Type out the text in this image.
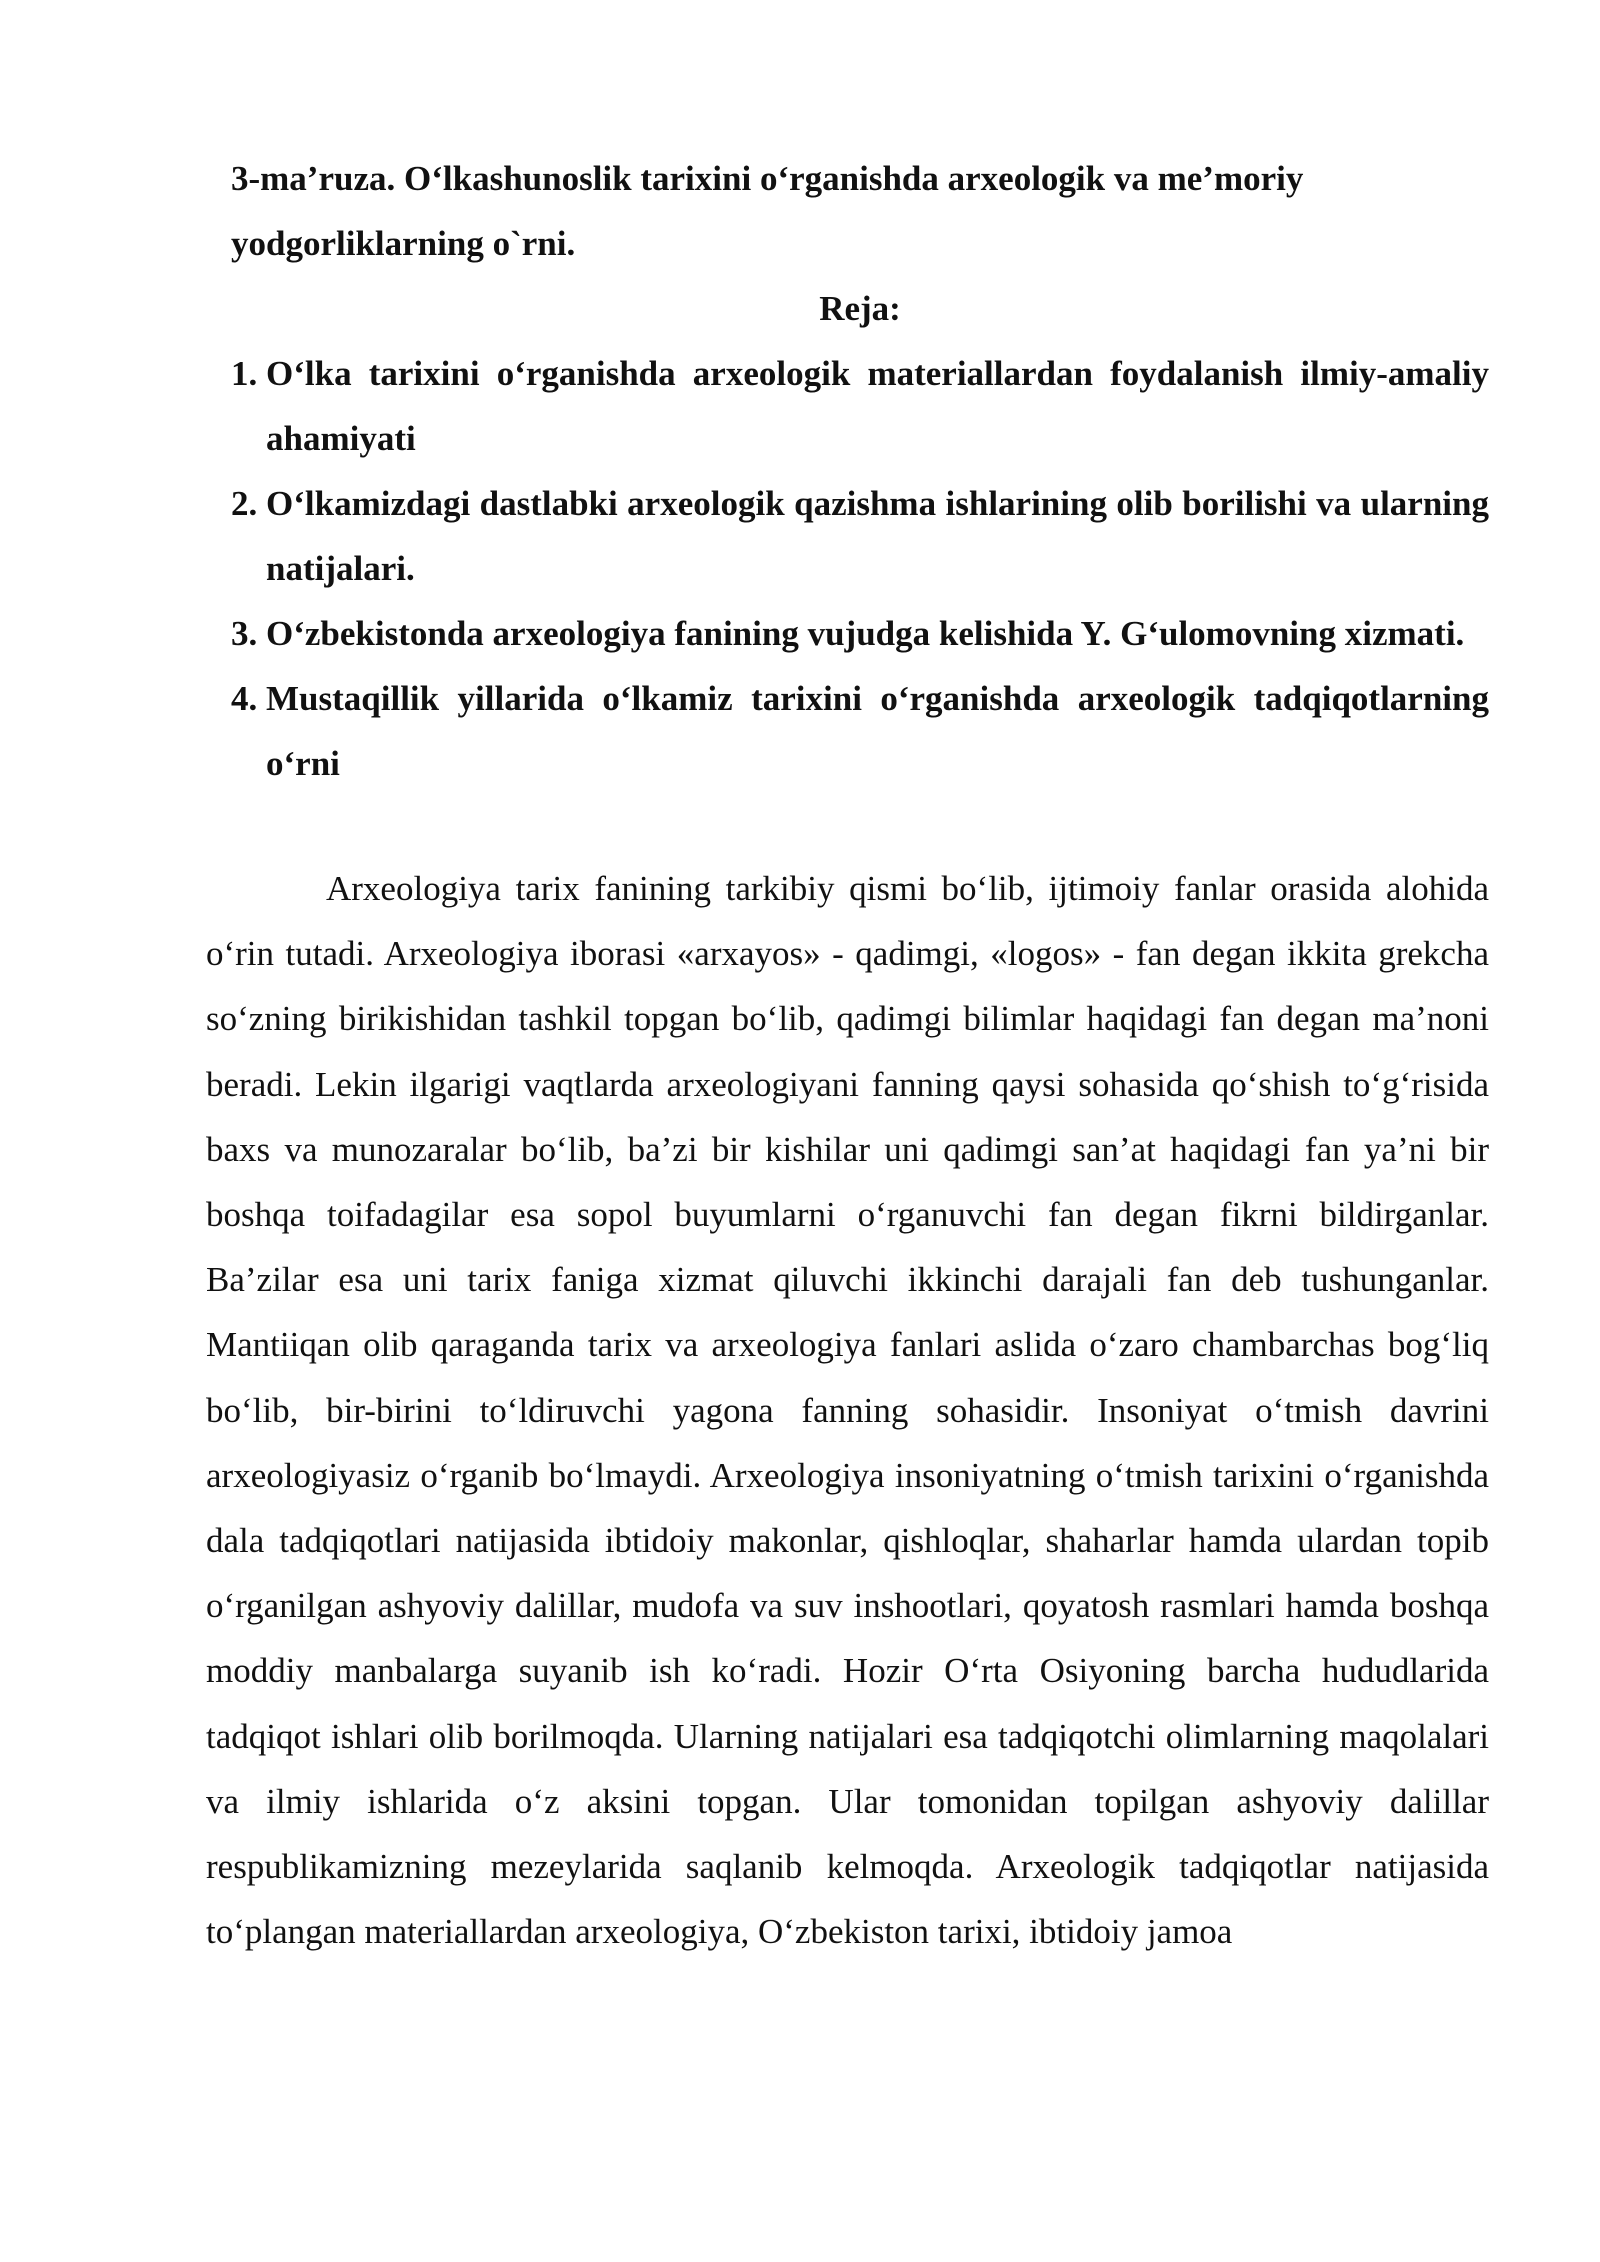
3-ma’ruza. O‘lkashunoslik tarixini o‘rganishda arxeologik va me’moriy yodgorliklarning o`rni.
Reja:
1. O‘lka tarixini o‘rganishda arxeologik materiallardan foydalanish ilmiy-amaliy ahamiyati
2. O‘lkamizdagi dastlabki arxeologik qazishma ishlarining olib borilishi va ularning natijalari.
3. O‘zbekistonda arxeologiya fanining vujudga kelishida Y. G‘ulomovning xizmati.
4. Mustaqillik yillarida o‘lkamiz tarixini o‘rganishda arxeologik tadqiqotlarning o‘rni

Arxeologiya tarix fanining tarkibiy qismi bo‘lib, ijtimoiy fanlar orasida alohida o‘rin tutadi. Arxeologiya iborasi «arxayos» - qadimgi, «logos» - fan degan ikkita grekcha so‘zning birikishidan tashkil topgan bo‘lib, qadimgi bilimlar haqidagi fan degan ma’noni beradi. Lekin ilgarigi vaqtlarda arxeologiyani fanning qaysi sohasida qo‘shish to‘g‘risida baxs va munozaralar bo‘lib, ba’zi bir kishilar uni qadimgi san’at haqidagi fan ya’ni bir boshqa toifadagilar esa sopol buyumlarni o‘rganuvchi fan degan fikrni bildirganlar. Ba’zilar esa uni tarix faniga xizmat qiluvchi ikkinchi darajali fan deb tushunganlar. Mantiiqan olib qaraganda tarix va arxeologiya fanlari aslida o‘zaro chambarchas bog‘liq bo‘lib, bir-birini to‘ldiruvchi yagona fanning sohasidir. Insoniyat o‘tmish davrini arxeologiyasiz o‘rganib bo‘lmaydi. Arxeologiya insoniyatning o‘tmish tarixini o‘rganishda dala tadqiqotlari natijasida ibtidoiy makonlar, qishloqlar, shaharlar hamda ulardan topib o‘rganilgan ashyoviy dalillar, mudofa va suv inshootlari, qoyatosh rasmlari hamda boshqa moddiy manbalarga suyanib ish ko‘radi. Hozir O‘rta Osiyoning barcha hududlarida tadqiqot ishlari olib borilmoqda. Ularning natijalari esa tadqiqotchi olimlarning maqolalari va ilmiy ishlarida o‘z aksini topgan. Ular tomonidan topilgan ashyoviy dalillar respublikamizning mezeylarida saqlanib kelmoqda. Arxeologik tadqiqotlar natijasida to‘plangan materiallardan arxeologiya, O‘zbekiston tarixi, ibtidoiy jamoa
